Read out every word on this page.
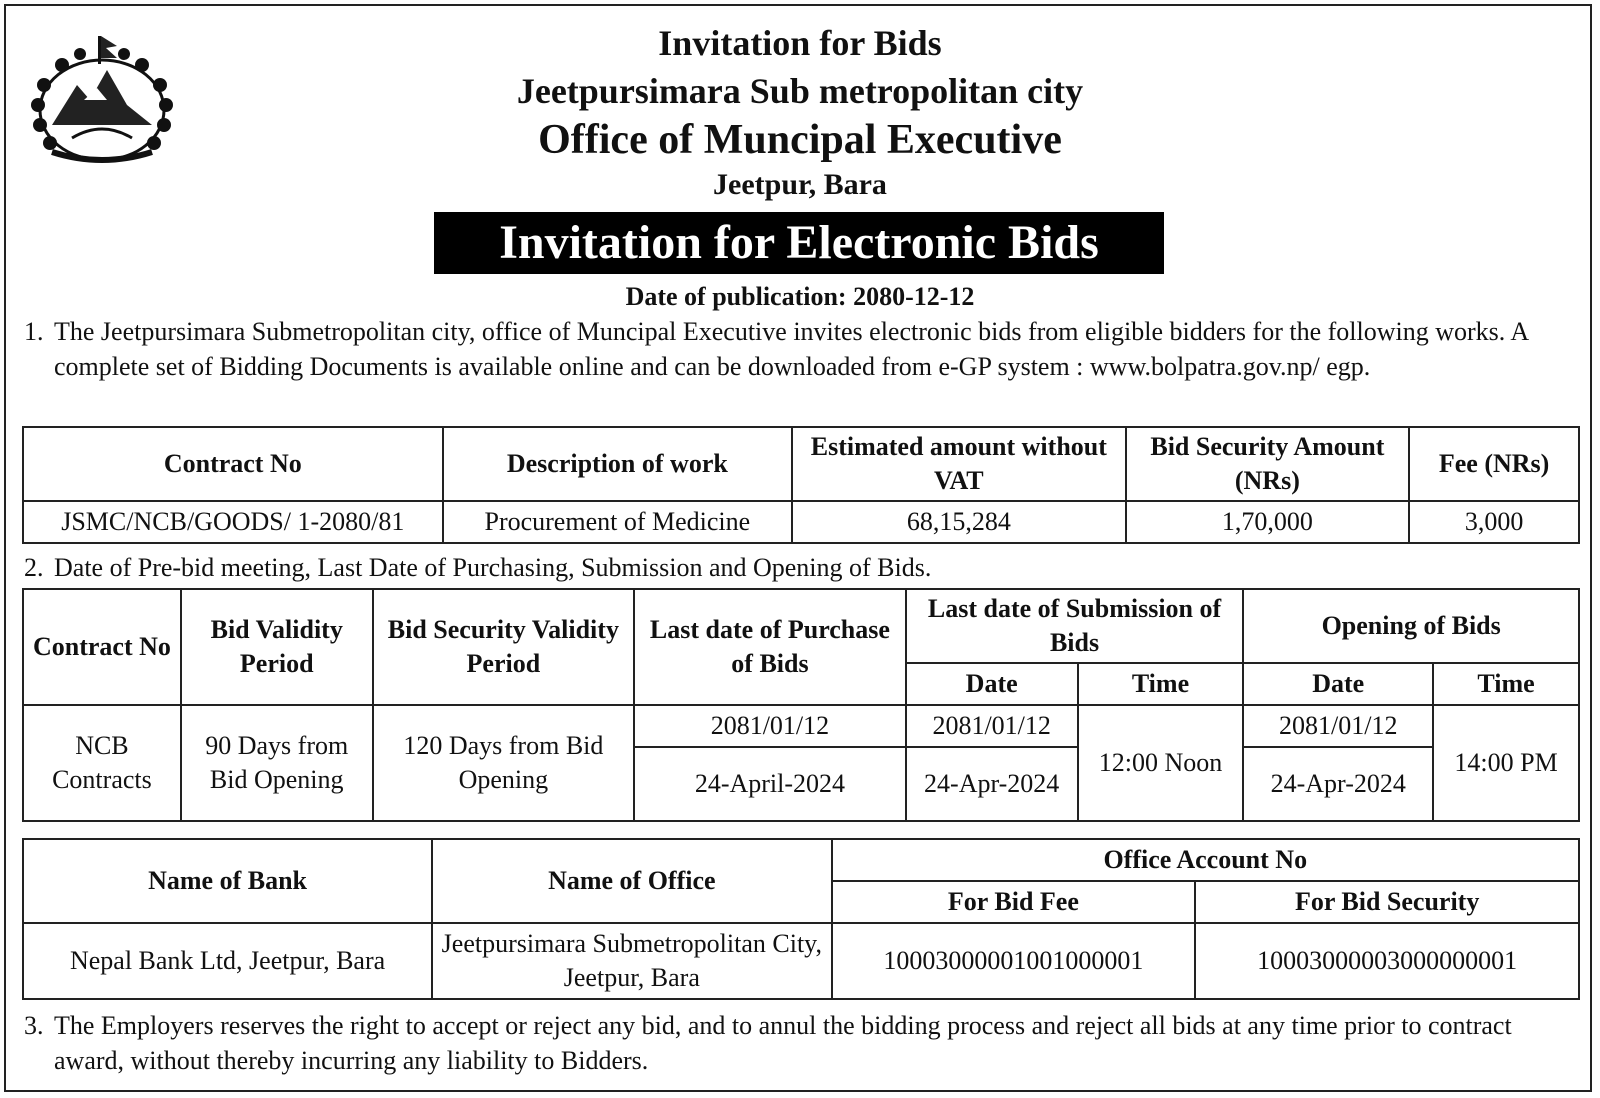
Invitation for Bids
Jeetpursimara Sub metropolitan city
Office of Muncipal Executive
Jeetpur, Bara
Invitation for Electronic Bids
Date of publication: 2080-12-12
1. The Jeetpursimara Submetropolitan city, office of Muncipal Executive invites electronic bids from eligible bidders for the following works. A complete set of Bidding Documents is available online and can be downloaded from e-GP system : www.bolpatra.gov.np/ egp.
Contract No	Description of work	Estimated amount without VAT	Bid Security Amount (NRs)	Fee (NRs)
JSMC/NCB/GOODS/ 1-2080/81	Procurement of Medicine	68,15,284	1,70,000	3,000
2. Date of Pre-bid meeting, Last Date of Purchasing, Submission and Opening of Bids.
Contract No	Bid Validity Period	Bid Security Validity Period	Last date of Purchase of Bids	Last date of Submission of Bids		Opening of Bids	
				Date	Time	Date	Time
NCB Contracts	90 Days from Bid Opening	120 Days from Bid Opening	2081/01/12	2081/01/12	12:00 Noon	2081/01/12	14:00 PM
			24-April-2024	24-Apr-2024		24-Apr-2024	
Name of Bank	Name of Office	Office Account No	
		For Bid Fee	For Bid Security
Nepal Bank Ltd, Jeetpur, Bara	Jeetpursimara Submetropolitan City, Jeetpur, Bara	10003000001001000001	10003000003000000001
3. The Employers reserves the right to accept or reject any bid, and to annul the bidding process and reject all bids at any time prior to contract award, without thereby incurring any liability to Bidders.
